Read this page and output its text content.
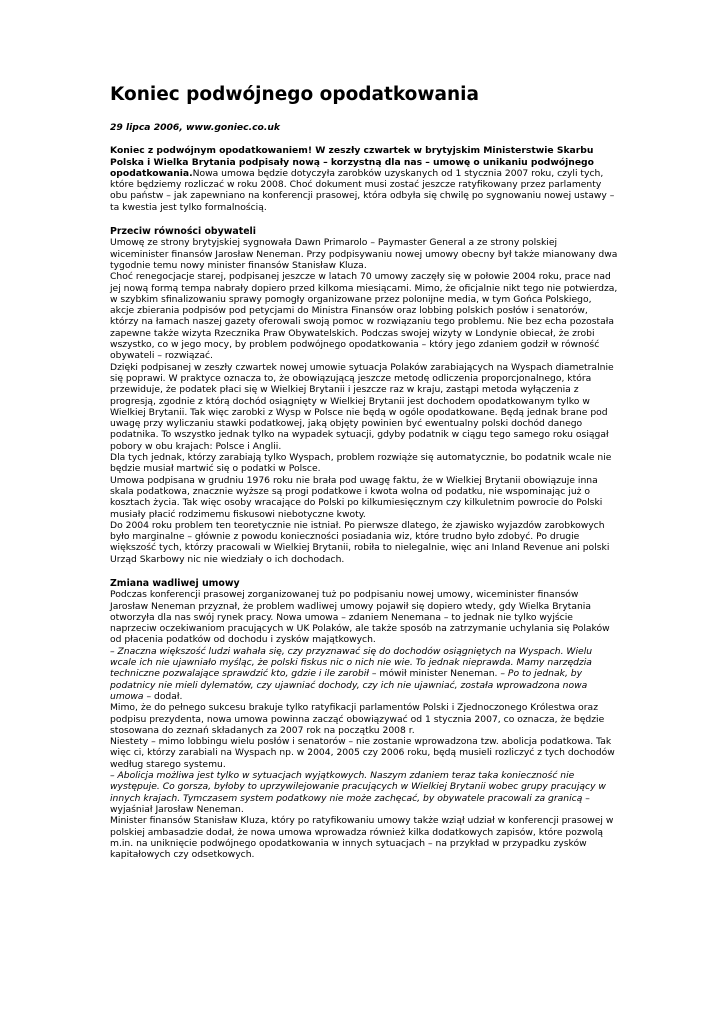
Koniec podwójnego opodatkowania

29 lipca 2006, www.goniec.co.uk

Koniec z podwójnym opodatkowaniem! W zeszły czwartek w brytyjskim Ministerstwie Skarbu Polska i Wielka Brytania podpisały nową – korzystną dla nas – umowę o unikaniu podwójnego opodatkowania.Nowa umowa będzie dotyczyła zarobków uzyskanych od 1 stycznia 2007 roku, czyli tych, które będziemy rozliczać w roku 2008. Choć dokument musi zostać jeszcze ratyfikowany przez parlamenty obu państw – jak zapewniano na konferencji prasowej, która odbyła się chwilę po sygnowaniu nowej ustawy – ta kwestia jest tylko formalnością.

Przeciw równości obywateli

Umowę ze strony brytyjskiej sygnowała Dawn Primarolo – Paymaster General a ze strony polskiej wiceminister finansów Jarosław Neneman. Przy podpisywaniu nowej umowy obecny był także mianowany dwa tygodnie temu nowy minister finansów Stanisław Kluza.

Choć renegocjacje starej, podpisanej jeszcze w latach 70 umowy zaczęły się w połowie 2004 roku, prace nad jej nową formą tempa nabrały dopiero przed kilkoma miesiącami. Mimo, że oficjalnie nikt tego nie potwierdza, w szybkim sfinalizowaniu sprawy pomogły organizowane przez polonijne media, w tym Gońca Polskiego, akcje zbierania podpisów pod petycjami do Ministra Finansów oraz lobbing polskich posłów i senatorów, którzy na łamach naszej gazety oferowali swoją pomoc w rozwiązaniu tego problemu. Nie bez echa pozostała zapewne także wizyta Rzecznika Praw Obywatelskich. Podczas swojej wizyty w Londynie obiecał, że zrobi wszystko, co w jego mocy, by problem podwójnego opodatkowania – który jego zdaniem godził w równość obywateli – rozwiązać.

Dzięki podpisanej w zeszły czwartek nowej umowie sytuacja Polaków zarabiających na Wyspach diametralnie się poprawi. W praktyce oznacza to, że obowiązującą jeszcze metodę odliczenia proporcjonalnego, która przewiduje, że podatek płaci się w Wielkiej Brytanii i jeszcze raz w kraju, zastąpi metoda wyłączenia z progresją, zgodnie z którą dochód osiągnięty w Wielkiej Brytanii jest dochodem opodatkowanym tylko w Wielkiej Brytanii. Tak więc zarobki z Wysp w Polsce nie będą w ogóle opodatkowane. Będą jednak brane pod uwagę przy wyliczaniu stawki podatkowej, jaką objęty powinien być ewentualny polski dochód danego podatnika. To wszystko jednak tylko na wypadek sytuacji, gdyby podatnik w ciągu tego samego roku osiągał pobory w obu krajach: Polsce i Anglii.

Dla tych jednak, którzy zarabiają tylko Wyspach, problem rozwiąże się automatycznie, bo podatnik wcale nie będzie musiał martwić się o podatki w Polsce.

Umowa podpisana w grudniu 1976 roku nie brała pod uwagę faktu, że w Wielkiej Brytanii obowiązuje inna skala podatkowa, znacznie wyższe są progi podatkowe i kwota wolna od podatku, nie wspominając już o kosztach życia. Tak więc osoby wracające do Polski po kilkumiesięcznym czy kilkuletnim powrocie do Polski musiały płacić rodzimemu fiskusowi niebotyczne kwoty.

Do 2004 roku problem ten teoretycznie nie istniał. Po pierwsze dlatego, że zjawisko wyjazdów zarobkowych było marginalne – głównie z powodu konieczności posiadania wiz, które trudno było zdobyć. Po drugie większość tych, którzy pracowali w Wielkiej Brytanii, robiła to nielegalnie, więc ani Inland Revenue ani polski Urząd Skarbowy nic nie wiedziały o ich dochodach.

Zmiana wadliwej umowy

Podczas konferencji prasowej zorganizowanej tuż po podpisaniu nowej umowy, wiceminister finansów Jarosław Neneman przyznał, że problem wadliwej umowy pojawił się dopiero wtedy, gdy Wielka Brytania otworzyła dla nas swój rynek pracy. Nowa umowa – zdaniem Nenemana – to jednak nie tylko wyjście naprzeciw oczekiwaniom pracujących w UK Polaków, ale także sposób na zatrzymanie uchylania się Polaków od płacenia podatków od dochodu i zysków majątkowych.

– Znaczna większość ludzi wahała się, czy przyznawać się do dochodów osiągniętych na Wyspach. Wielu wcale ich nie ujawniało myśląc, że polski fiskus nic o nich nie wie. To jednak nieprawda. Mamy narzędzia techniczne pozwalające sprawdzić kto, gdzie i ile zarobił – mówił minister Neneman. – Po to jednak, by podatnicy nie mieli dylematów, czy ujawniać dochody, czy ich nie ujawniać, została wprowadzona nowa umowa – dodał.

Mimo, że do pełnego sukcesu brakuje tylko ratyfikacji parlamentów Polski i Zjednoczonego Królestwa oraz podpisu prezydenta, nowa umowa powinna zacząć obowiązywać od 1 stycznia 2007, co oznacza, że będzie stosowana do zeznań składanych za 2007 rok na początku 2008 r.

Niestety – mimo lobbingu wielu posłów i senatorów – nie zostanie wprowadzona tzw. abolicja podatkowa. Tak więc ci, którzy zarabiali na Wyspach np. w 2004, 2005 czy 2006 roku, będą musieli rozliczyć z tych dochodów według starego systemu.

– Abolicja możliwa jest tylko w sytuacjach wyjątkowych. Naszym zdaniem teraz taka konieczność nie występuje. Co gorsza, byłoby to uprzywilejowanie pracujących w Wielkiej Brytanii wobec grupy pracujący w innych krajach. Tymczasem system podatkowy nie może zachęcać, by obywatele pracowali za granicą – wyjaśniał Jarosław Neneman.

Minister finansów Stanisław Kluza, który po ratyfikowaniu umowy także wziął udział w konferencji prasowej w polskiej ambasadzie dodał, że nowa umowa wprowadza również kilka dodatkowych zapisów, które pozwolą m.in. na uniknięcie podwójnego opodatkowania w innych sytuacjach – na przykład w przypadku zysków kapitałowych czy odsetkowych.
